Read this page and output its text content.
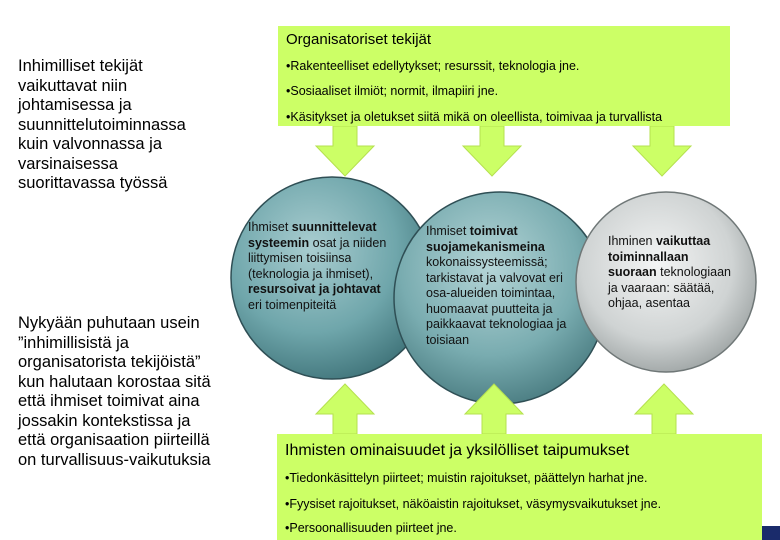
Inhimilliset tekijät vaikuttavat niin johtamisessa ja suunnittelutoiminnassa kuin valvonnassa ja varsinaisessa suorittavassa työssä
Nykyään puhutaan usein ”inhimillisistä ja organisatorista tekijöistä” kun halutaan korostaa sitä että ihmiset toimivat aina jossakin kontekstissa ja että organisaation piirteillä on turvallisuus-vaikutuksia
Organisatoriset tekijät
•Rakenteelliset edellytykset; resurssit, teknologia jne.
•Sosiaaliset ilmiöt; normit, ilmapiiri jne.
•Käsitykset ja oletukset siitä mikä on oleellista, toimivaa ja turvallista
Ihmiset suunnittelevat systeemin osat ja niiden liittymisen toisiinsa (teknologia ja ihmiset), resursoivat ja johtavat eri toimenpiteitä
Ihmiset toimivat suojamekanismeina kokonaissysteemissä; tarkistavat ja valvovat eri osa-alueiden toimintaa, huomaavat puutteita ja paikkaavat teknologiaa ja toisiaan
Ihminen vaikuttaa toiminnallaan suoraan teknologiaan ja vaaraan: säätää, ohjaa, asentaa
Ihmisten ominaisuudet ja yksilölliset taipumukset
•Tiedonkäsittelyn piirteet; muistin rajoitukset, päättelyn harhat jne.
•Fyysiset rajoitukset, näköaistin rajoitukset, väsymysvaikutukset jne.
•Persoonallisuuden piirteet jne.
